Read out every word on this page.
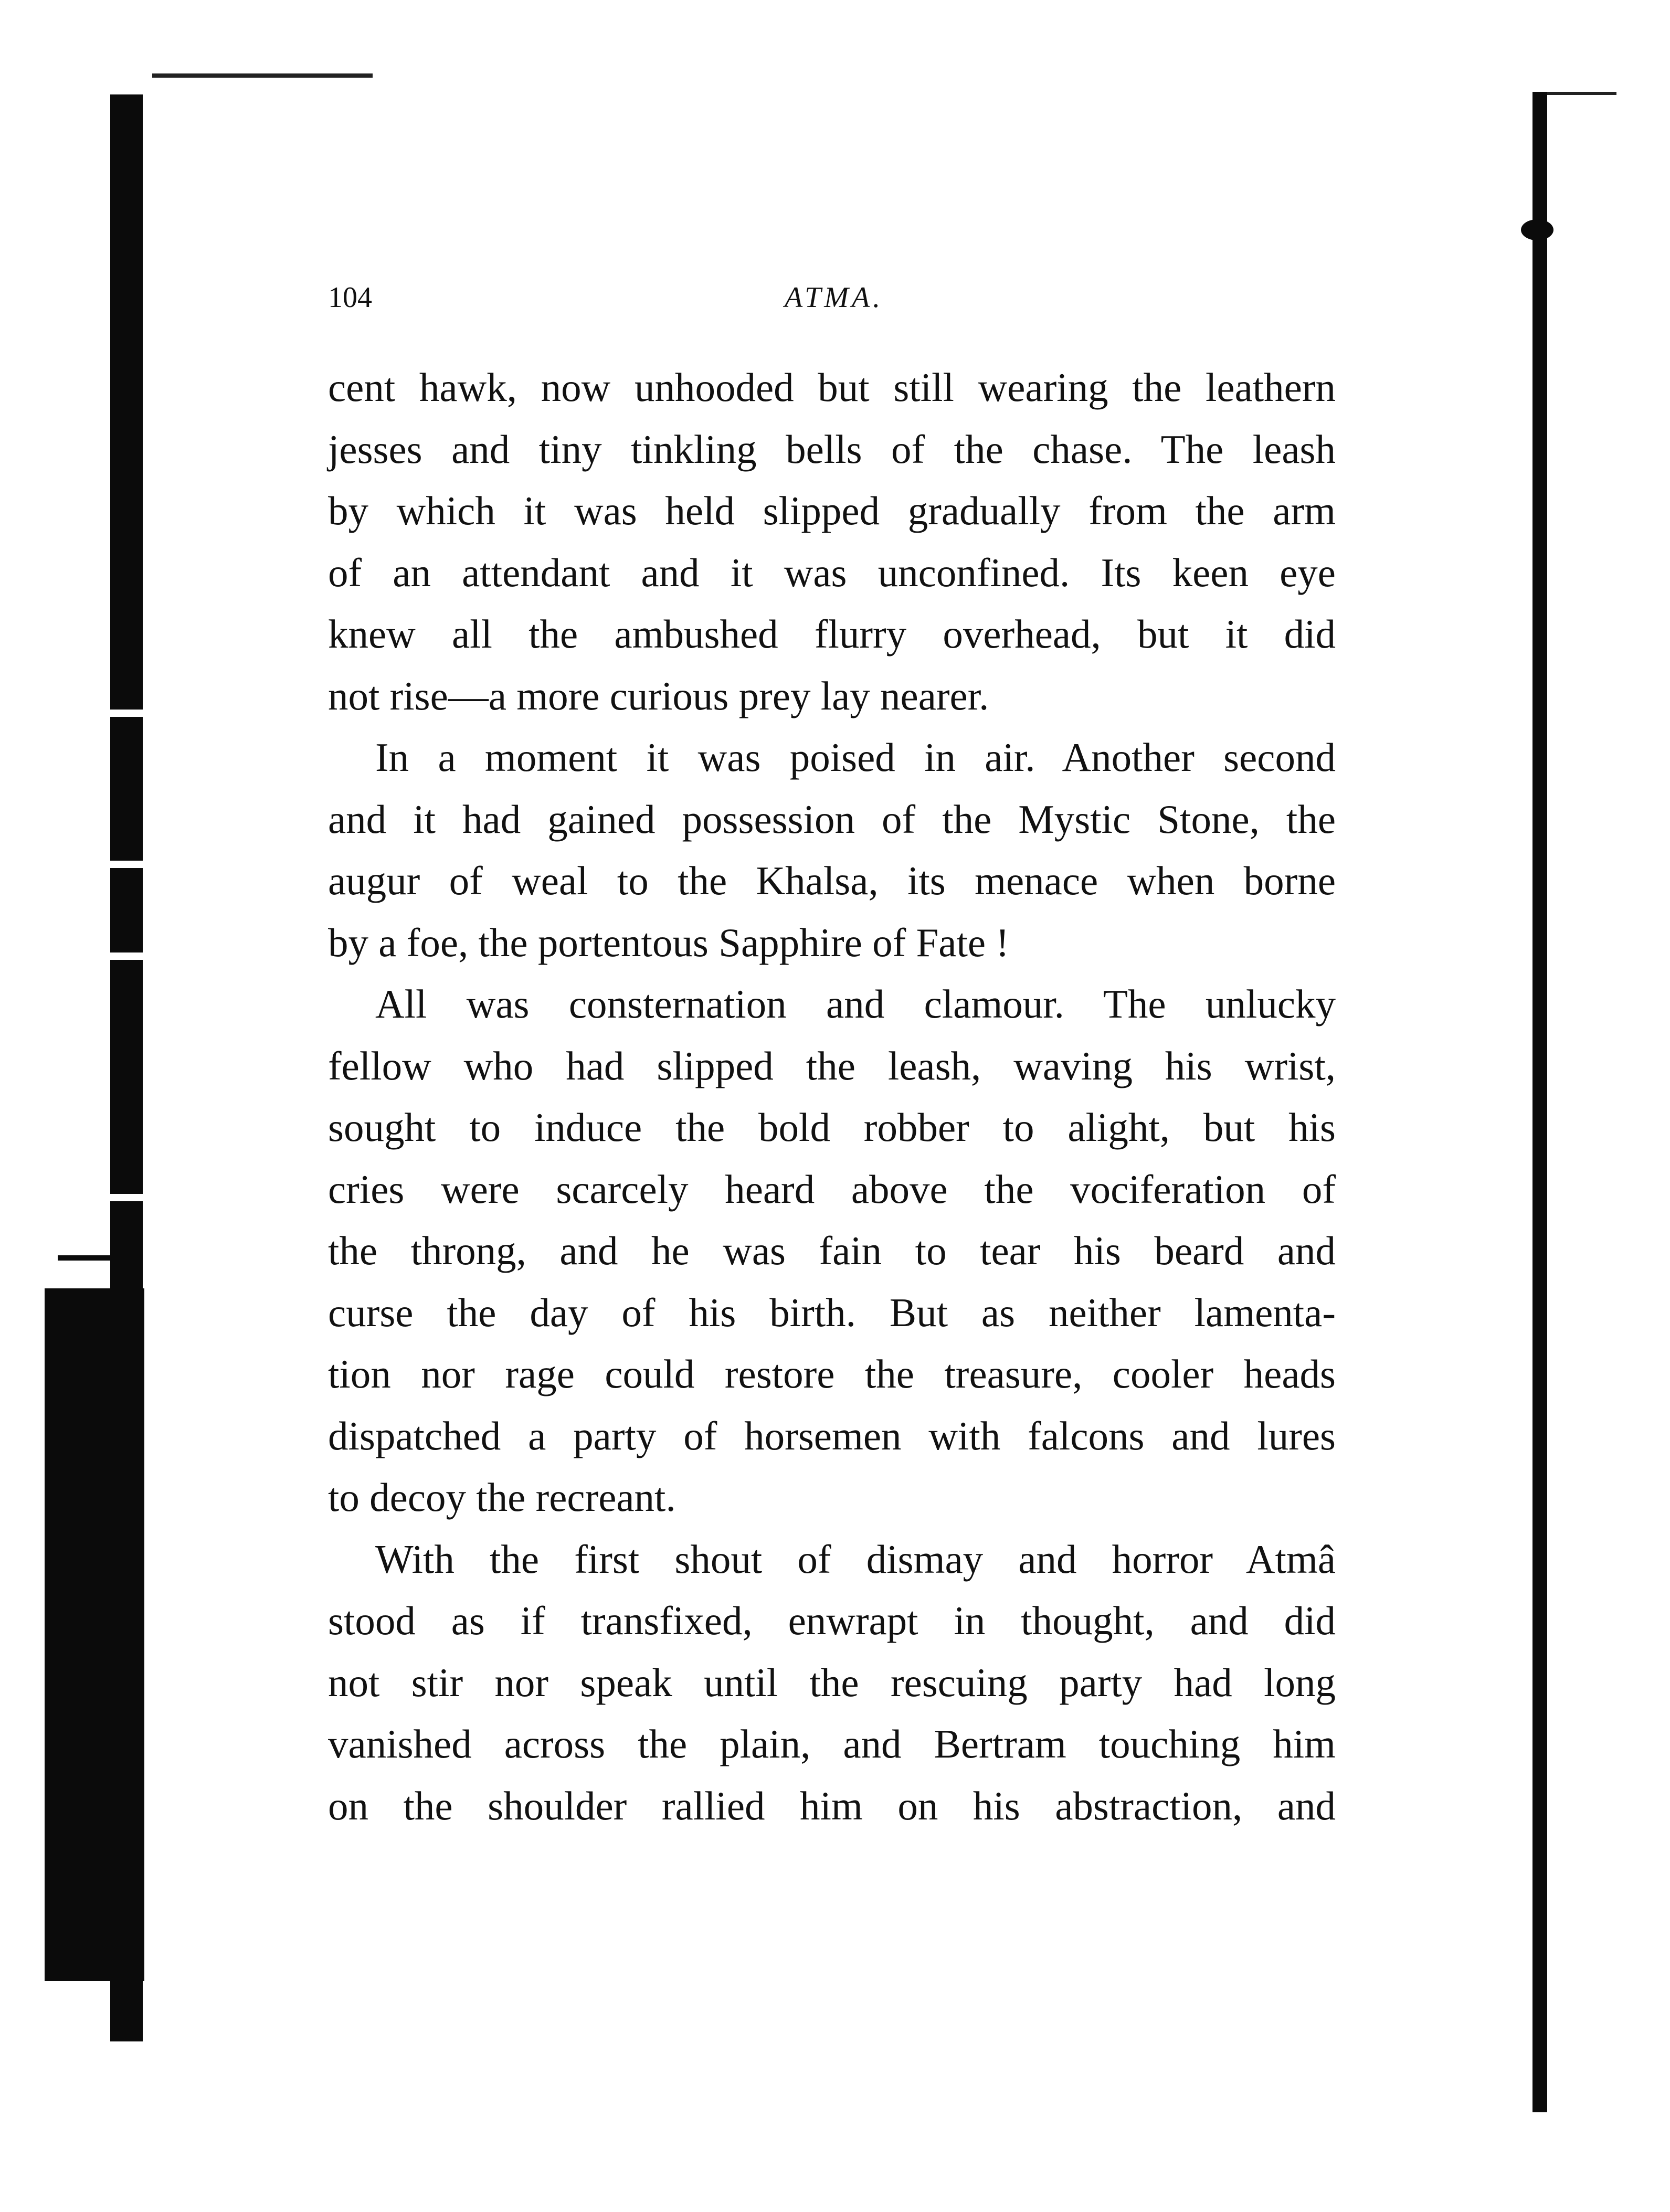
104	ATMA.
cent hawk, now unhooded but still wearing the leathern
jesses and tiny tinkling bells of the chase. The leash
by which it was held slipped gradually from the arm
of an attendant and it was unconfined. Its keen eye
knew all the ambushed flurry overhead, but it did
not rise—a more curious prey lay nearer.
In a moment it was poised in air. Another second
and it had gained possession of the Mystic Stone, the
augur of weal to the Khalsa, its menace when borne
by a foe, the portentous Sapphire of Fate !
All was consternation and clamour. The unlucky
fellow who had slipped the leash, waving his wrist,
sought to induce the bold robber to alight, but his
cries were scarcely heard above the vociferation of
the throng, and he was fain to tear his beard and
curse the day of his birth. But as neither lamenta-
tion nor rage could restore the treasure, cooler heads
dispatched a party of horsemen with falcons and lures
to decoy the recreant.
With the first shout of dismay and horror Atmâ
stood as if transfixed, enwrapt in thought, and did
not stir nor speak until the rescuing party had long
vanished across the plain, and Bertram touching him
on the shoulder rallied him on his abstraction, and
